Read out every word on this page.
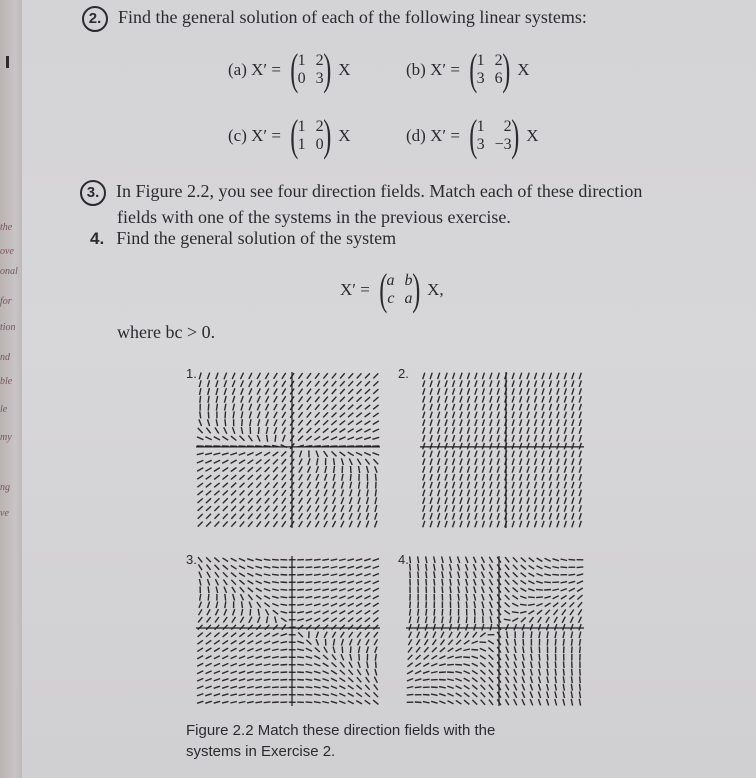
the
ove
onal
for
tion
nd
ble
le
my
ng
ve
2. Find the general solution of each of the following linear systems:
(a) X′ = ( 1 2
0 3 ) X	(b) X′ = ( 1 2
3 6 ) X
(c) X′ = ( 1 2
1 0 ) X	(d) X′ = ( 1	2
3 −3 ) X
3. In Figure 2.2, you see four direction fields. Match each of these direction
fields with one of the systems in the previous exercise.
4. Find the general solution of the system
X′ = ( a b
c a ) X,
where bc > 0.
1.	2.
3.	4.
Figure 2.2 Match these direction fields with the
systems in Exercise 2.
